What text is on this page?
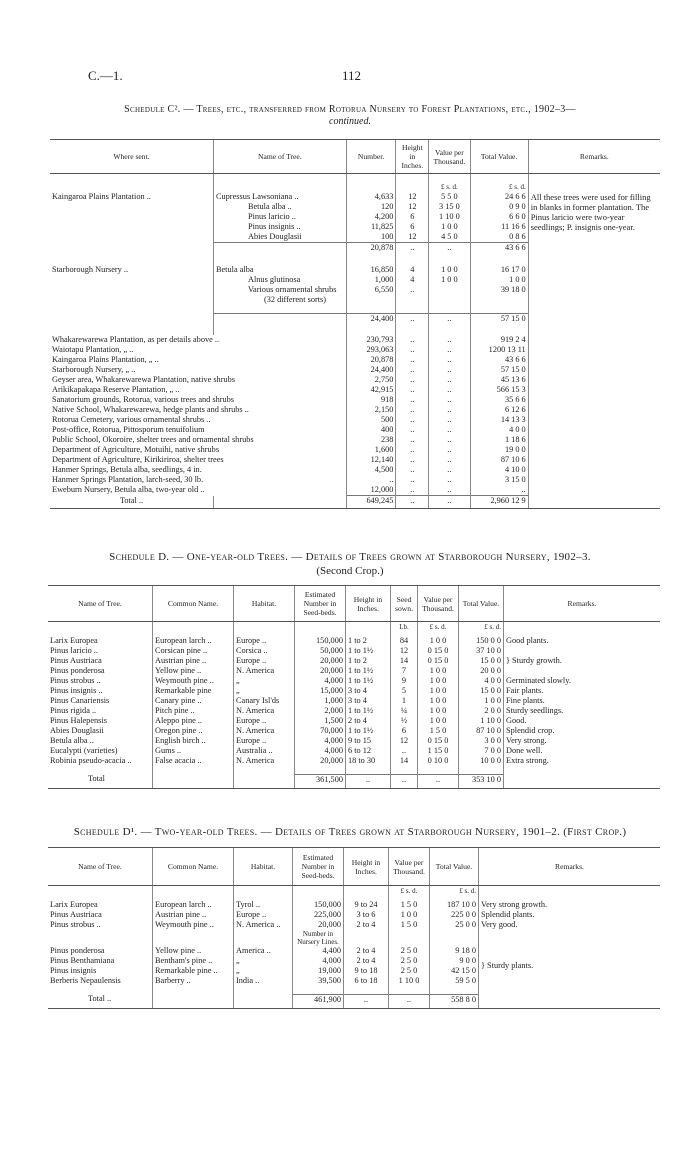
C.—1.	112
Schedule C². — Trees, etc., transferred from Rotorua Nursery to Forest Plantations, etc., 1902–3—
continued.
Where sent.	Name of Tree.	Number.	Height in Inches.	Value per Thousand.	Total Value.	Remarks.

				£ s. d.	£ s. d.	
Kaingaroa Plains Plantation ..	Cupressus Lawsoniana ..	4,633	12	5 5 0	24 6 6	All these trees were used for filling in blanks in former plantation. The Pinus laricio were two-year seedlings; P. insignis one-year.
	Betula alba ..	120	12	3 15 0	0 9 0	
	Pinus laricio ..	4,200	6	1 10 0	6 6 0	
	Pinus insignis ..	11,825	6	1 0 0	11 16 6	
	Abies Douglasii	100	12	4 5 0	0 8 6	
		20,878	..	..	43 6 6	

Starborough Nursery ..	Betula alba	16,850	4	1 0 0	16 17 0	
	Alnus glutinosa	1,000	4	1 0 0	1 0 0	
	Various ornamental shrubs	6,550	..		39 18 0	
	(32 different sorts)					

		24,400	..	..	57 15 0	

Whakarewarewa Plantation, as per details above ..		230,793	..	..	919 2 4	
Waiotapu Plantation, „ ..		293,063	..	..	1200 13 11	
Kaingaroa Plains Plantation, „ ..		20,878	..	..	43 6 6	
Starborough Nursery, „ ..		24,400	..	..	57 15 0	
Geyser area, Whakarewarewa Plantation, native shrubs		2,750	..	..	45 13 6	
Arikikapakapa Reserve Plantation, „ ..		42,915	..	..	566 15 3	
Sanatorium grounds, Rotorua, various trees and shrubs		918	..	..	35 6 6	
Native School, Whakarewarewa, hedge plants and shrubs ..		2,150	..	..	6 12 6	
Rotorua Cemetery, various ornamental shrubs ..		500	..	..	14 13 3	
Post-office, Rotorua, Pittosporum tenuifolium		400	..	..	4 0 0	
Public School, Okoroire, shelter trees and ornamental shrubs		238	..	..	1 18 6	
Department of Agriculture, Motuihi, native shrubs		1,600	..	..	19 0 0	
Department of Agriculture, Kirikiriroa, shelter trees		12,140	..	..	87 10 6	
Hanmer Springs, Betula alba, seedlings, 4 in.		4,500	..	..	4 10 0	
Hanmer Springs Plantation, larch-seed, 30 lb.		..	..	..	3 15 0	
Eweburn Nursery, Betula alba, two-year old ..		12,000	..	..	..	
Total ..		649,245	..	..	2,960 12 9	
Schedule D. — One-year-old Trees. — Details of Trees grown at Starborough Nursery, 1902–3.
(Second Crop.)
Name of Tree.	Common Name.	Habitat.	Estimated Number in Seed-beds.	Height in Inches.	Seed sown.	Value per Thousand.	Total Value.	Remarks.
					Lb.	£ s. d.	£ s. d.	
Larix Europea	European larch ..	Europe ..	150,000	1 to 2	84	1 0 0	150 0 0	Good plants.
Pinus laricio ..	Corsican pine ..	Corsica ..	50,000	1 to 1½	12	0 15 0	37 10 0	
Pinus Austriaca	Austrian pine ..	Europe ..	20,000	1 to 2	14	0 15 0	15 0 0	} Sturdy growth.
Pinus ponderosa	Yellow pine ..	N. America	20,000	1 to 1½	7	1 0 0	20 0 0	
Pinus strobus ..	Weymouth pine ..	„	4,000	1 to 1½	9	1 0 0	4 0 0	Germinated slowly.
Pinus insignis ..	Remarkable pine	„	15,000	3 to 4	5	1 0 0	15 0 0	Fair plants.
Pinus Canariensis	Canary pine ..	Canary Isl'ds	1,000	3 to 4	1	1 0 0	1 0 0	Fine plants.
Pinus rigida ..	Pitch pine ..	N. America	2,000	1 to 1½	¼	1 0 0	2 0 0	Sturdy seedlings.
Pinus Halepensis	Aleppo pine ..	Europe ..	1,500	2 to 4	½	1 0 0	1 10 0	Good.
Abies Douglasii	Oregon pine ..	N. America	70,000	1 to 1½	6	1 5 0	87 10 0	Splendid crop.
Betula alba ..	English birch ..	Europe ..	4,000	9 to 15	12	0 15 0	3 0 0	Very strong.
Eucalypti (varieties)	Gums ..	Australia ..	4,000	6 to 12	..	1 15 0	7 0 0	Done well.
Robinia pseudo-acacia ..	False acacia ..	N. America	20,000	18 to 30	14	0 10 0	10 0 0	Extra strong.

Total			361,500	..	..	..	353 10 0	
Schedule D¹. — Two-year-old Trees. — Details of Trees grown at Starborough Nursery, 1901–2. (First Crop.)
Name of Tree.	Common Name.	Habitat.	Estimated Number in Seed-beds.	Height in Inches.	Value per Thousand.	Total Value.	Remarks.
					£ s. d.	£ s. d.	
Larix Europea	European larch ..	Tyrol ..	150,000	9 to 24	1 5 0	187 10 0	Very strong growth.
Pinus Austriaca	Austrian pine ..	Europe ..	225,000	3 to 6	1 0 0	225 0 0	Splendid plants.
Pinus strobus ..	Weymouth pine ..	N. America ..	20,000	2 to 4	1 5 0	25 0 0	Very good.
			Number in Nursery Lines.				
Pinus ponderosa	Yellow pine ..	America ..	4,400	2 to 4	2 5 0	9 18 0	} Sturdy plants.
Pinus Benthamiana	Bentham's pine ..	„	4,000	2 to 4	2 5 0	9 0 0	
Pinus insignis	Remarkable pine ..	„	19,000	9 to 18	2 5 0	42 15 0	
Berberis Nepaulensis	Barberry ..	India ..	39,500	6 to 18	1 10 0	59 5 0	

Total ..			461,900	..	..	558 8 0	
